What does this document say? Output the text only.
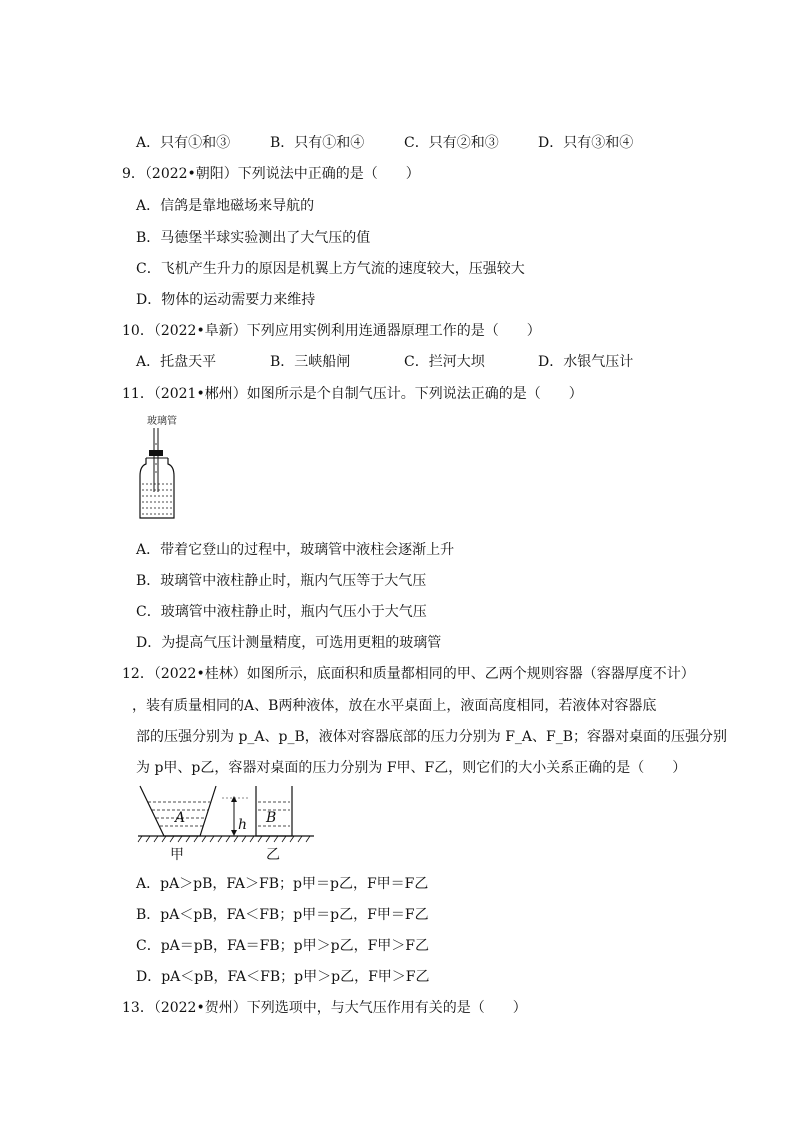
A．只有①和③	B．只有①和④	C．只有②和③	D．只有③和④
9．（2022•朝阳）下列说法中正确的是（　　）
A．信鸽是靠地磁场来导航的
B．马德堡半球实验测出了大气压的值
C．飞机产生升力的原因是机翼上方气流的速度较大，压强较大
D．物体的运动需要力来维持
10．（2022•阜新）下列应用实例利用连通器原理工作的是（　　）
A．托盘天平	B．三峡船闸	C．拦河大坝	D．水银气压计
11．（2021•郴州）如图所示是个自制气压计。下列说法正确的是（　　）
玻璃管
A．带着它登山的过程中，玻璃管中液柱会逐渐上升
B．玻璃管中液柱静止时，瓶内气压等于大气压
C．玻璃管中液柱静止时，瓶内气压小于大气压
D．为提高气压计测量精度，可选用更粗的玻璃管
12．（2022•桂林）如图所示，底面积和质量都相同的甲、乙两个规则容器（容器厚度不计）
，装有质量相同的A、B两种液体，放在水平桌面上，液面高度相同，若液体对容器底
部的压强分别为 p_A、p_B，液体对容器底部的压力分别为 F_A、F_B；容器对桌面的压强分别
为 p甲、p乙，容器对桌面的压力分别为 F甲、F乙，则它们的大小关系正确的是（　　）
A	B
h
甲	乙
A．pA＞pB，FA＞FB；p甲＝p乙，F甲＝F乙
B．pA＜pB，FA＜FB；p甲＝p乙，F甲＝F乙
C．pA＝pB，FA＝FB；p甲＞p乙，F甲＞F乙
D．pA＜pB，FA＜FB；p甲＞p乙，F甲＞F乙
13．（2022•贺州）下列选项中，与大气压作用有关的是（　　）
